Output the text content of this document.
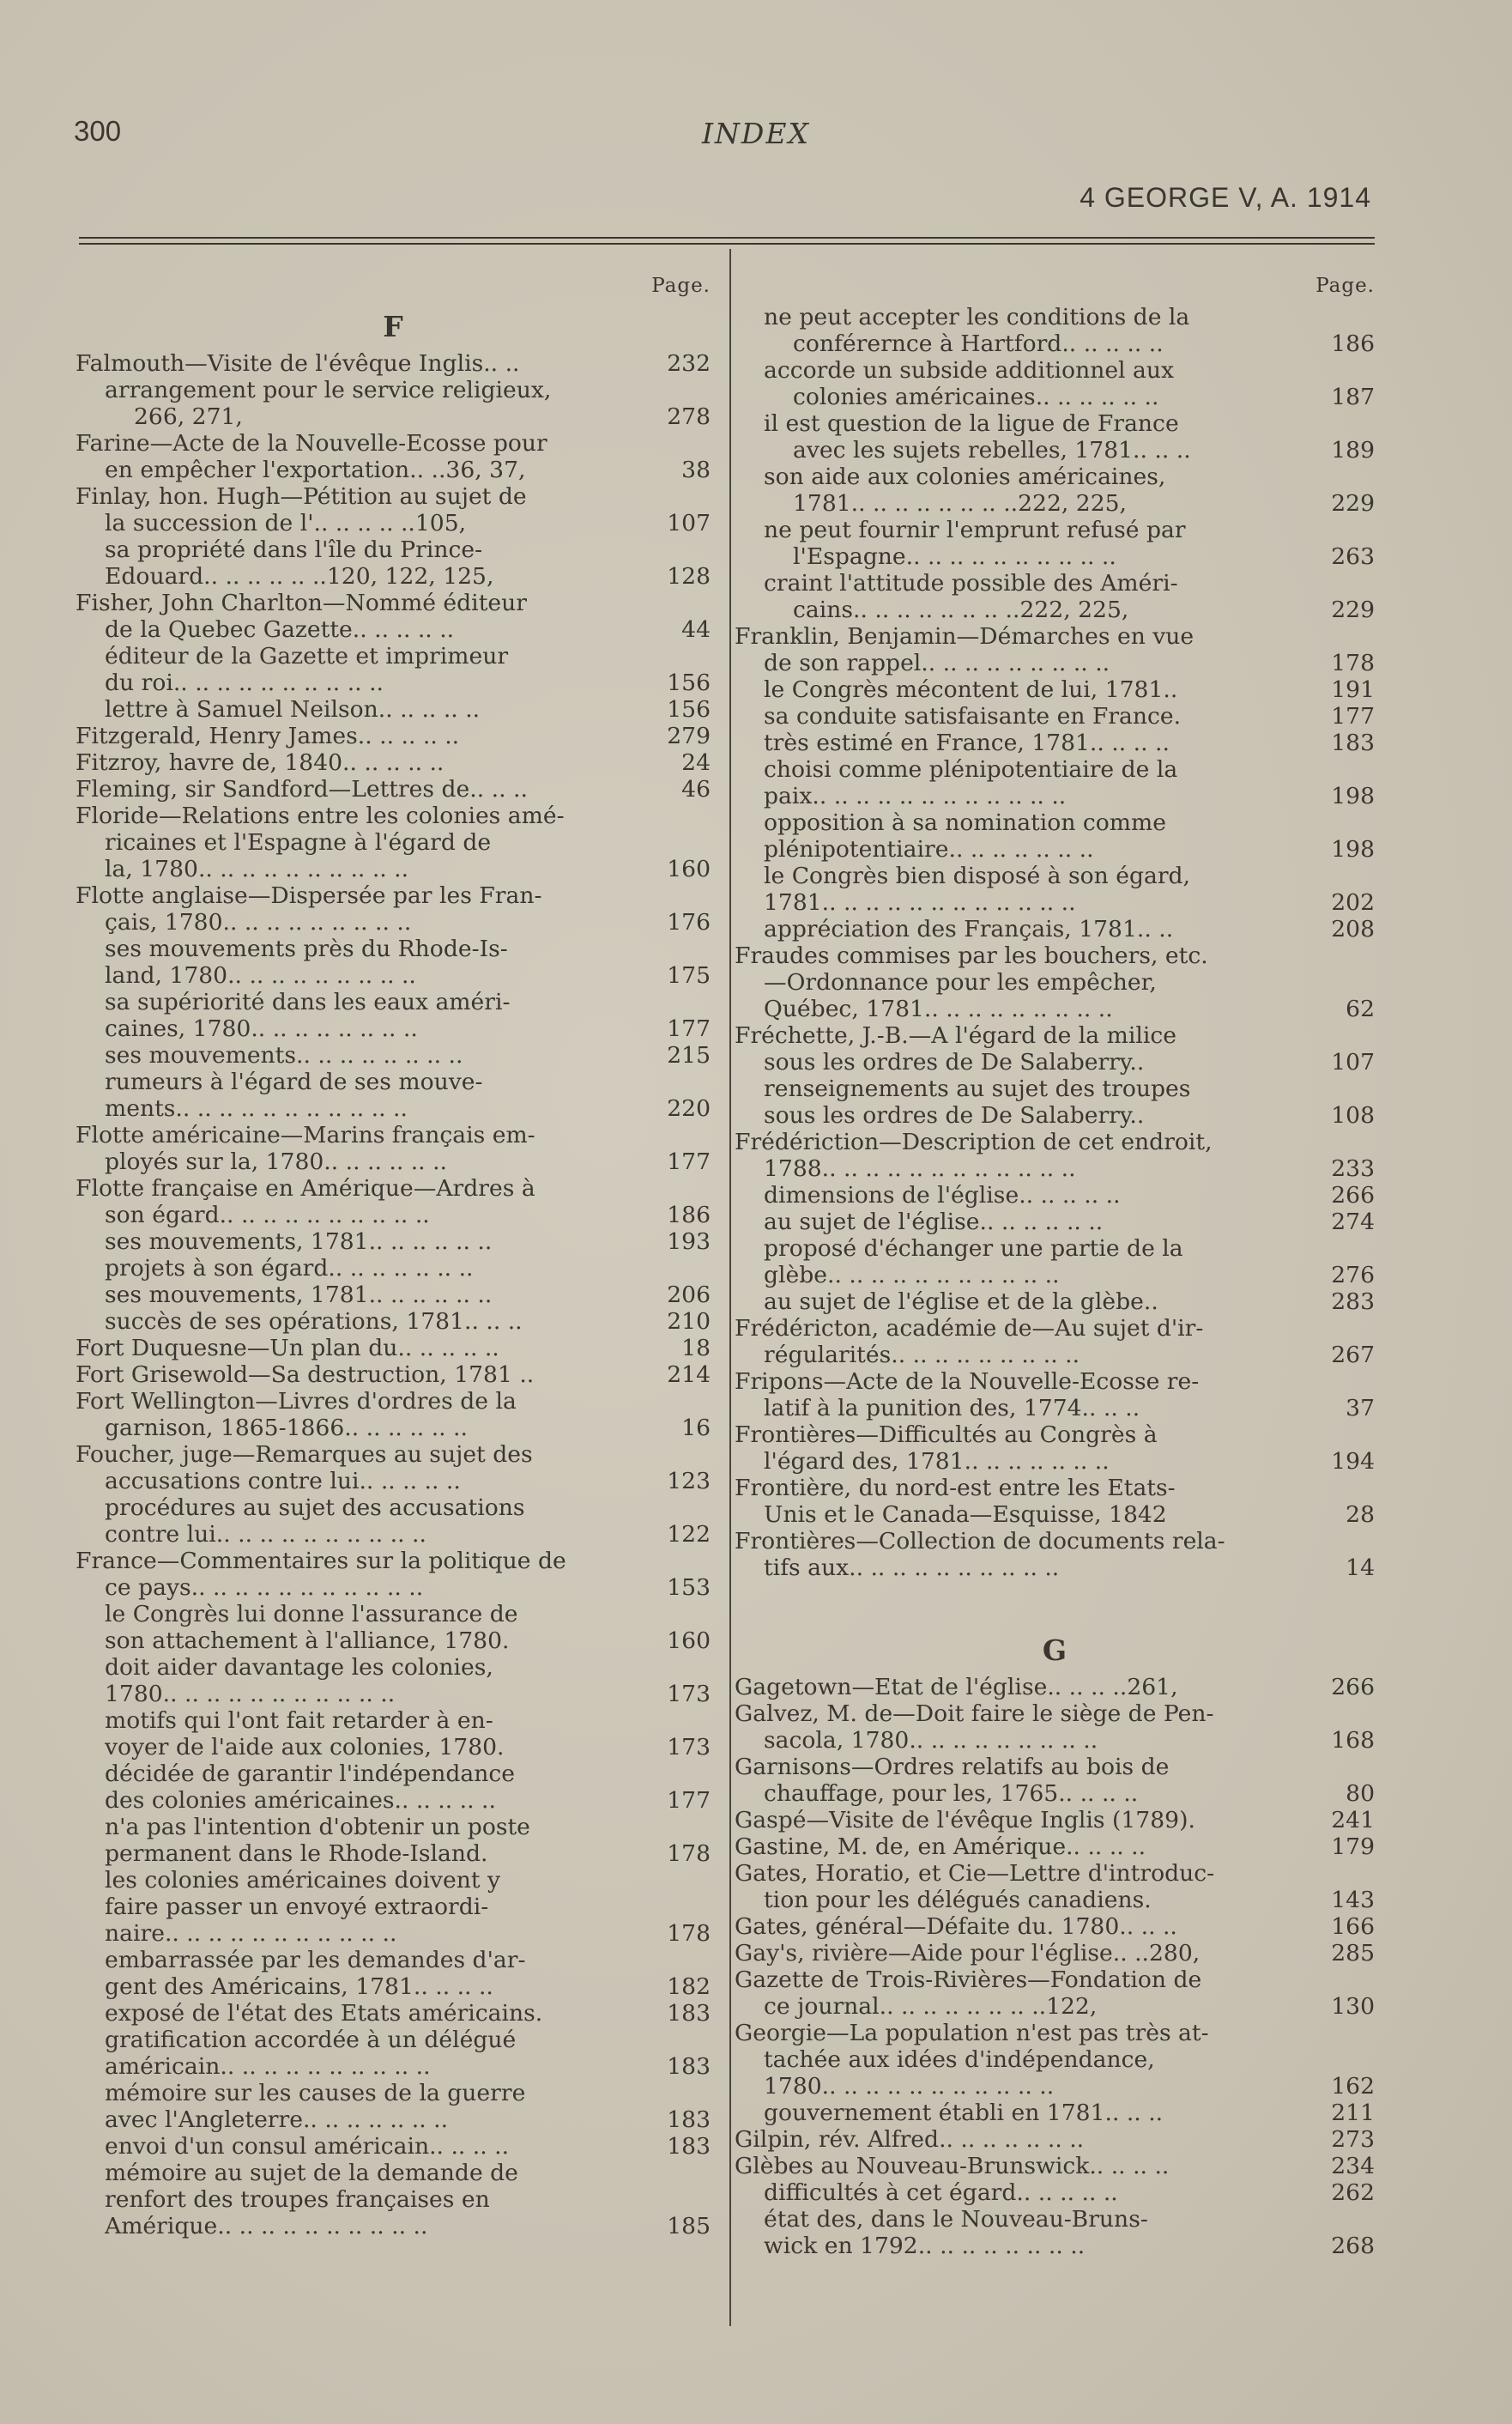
300	INDEX
4 GEORGE V, A. 1914
Page.
F
Falmouth—Visite de l'évêque Inglis.. ..	232
arrangement pour le service religieux,
266, 271,	278
Farine—Acte de la Nouvelle-Ecosse pour
en empêcher l'exportation.. ..36, 37,	38
Finlay, hon. Hugh—Pétition au sujet de
la succession de l'.. .. .. .. ..105,	107
sa propriété dans l'île du Prince-
Edouard.. .. .. .. .. ..120, 122, 125,	128
Fisher, John Charlton—Nommé éditeur
de la Quebec Gazette.. .. .. .. ..	44
éditeur de la Gazette et imprimeur
du roi.. .. .. .. .. .. .. .. .. ..	156
lettre à Samuel Neilson.. .. .. .. ..	156
Fitzgerald, Henry James.. .. .. .. ..	279
Fitzroy, havre de, 1840.. .. .. .. ..	24
Fleming, sir Sandford—Lettres de.. .. ..	46
Floride—Relations entre les colonies amé-
ricaines et l'Espagne à l'égard de
la, 1780.. .. .. .. .. .. .. .. .. ..	160
Flotte anglaise—Dispersée par les Fran-
çais, 1780.. .. .. .. .. .. .. .. ..	176
ses mouvements près du Rhode-Is-
land, 1780.. .. .. .. .. .. .. .. ..	175
sa supériorité dans les eaux améri-
caines, 1780.. .. .. .. .. .. .. ..	177
ses mouvements.. .. .. .. .. .. .. ..	215
rumeurs à l'égard de ses mouve-
ments.. .. .. .. .. .. .. .. .. .. ..	220
Flotte américaine—Marins français em-
ployés sur la, 1780.. .. .. .. .. ..	177
Flotte française en Amérique—Ardres à
son égard.. .. .. .. .. .. .. .. .. ..	186
ses mouvements, 1781.. .. .. .. .. ..	193
projets à son égard.. .. .. .. .. .. ..
ses mouvements, 1781.. .. .. .. .. ..	206
succès de ses opérations, 1781.. .. ..	210
Fort Duquesne—Un plan du.. .. .. .. ..	18
Fort Grisewold—Sa destruction, 1781 ..	214
Fort Wellington—Livres d'ordres de la
garnison, 1865-1866.. .. .. .. .. ..	16
Foucher, juge—Remarques au sujet des
accusations contre lui.. .. .. .. ..	123
procédures au sujet des accusations
contre lui.. .. .. .. .. .. .. .. .. ..	122
France—Commentaires sur la politique de
ce pays.. .. .. .. .. .. .. .. .. .. ..	153
le Congrès lui donne l'assurance de
son attachement à l'alliance, 1780.	160
doit aider davantage les colonies,
1780.. .. .. .. .. .. .. .. .. .. ..	173
motifs qui l'ont fait retarder à en-
voyer de l'aide aux colonies, 1780.	173
décidée de garantir l'indépendance
des colonies américaines.. .. .. .. ..	177
n'a pas l'intention d'obtenir un poste
permanent dans le Rhode-Island.	178
les colonies américaines doivent y
faire passer un envoyé extraordi-
naire.. .. .. .. .. .. .. .. .. .. ..	178
embarrassée par les demandes d'ar-
gent des Américains, 1781.. .. .. ..	182
exposé de l'état des Etats américains.	183
gratification accordée à un délégué
américain.. .. .. .. .. .. .. .. .. ..	183
mémoire sur les causes de la guerre
avec l'Angleterre.. .. .. .. .. .. ..	183
envoi d'un consul américain.. .. .. ..	183
mémoire au sujet de la demande de
renfort des troupes françaises en
Amérique.. .. .. .. .. .. .. .. .. ..	185
Page.
ne peut accepter les conditions de la
conférernce à Hartford.. .. .. .. ..	186
accorde un subside additionnel aux
colonies américaines.. .. .. .. .. ..	187
il est question de la ligue de France
avec les sujets rebelles, 1781.. .. ..	189
son aide aux colonies américaines,
1781.. .. .. .. .. .. .. ..222, 225,	229
ne peut fournir l'emprunt refusé par
l'Espagne.. .. .. .. .. .. .. .. .. ..	263
craint l'attitude possible des Améri-
cains.. .. .. .. .. .. .. ..222, 225,	229
Franklin, Benjamin—Démarches en vue
de son rappel.. .. .. .. .. .. .. .. ..	178
le Congrès mécontent de lui, 1781..	191
sa conduite satisfaisante en France.	177
très estimé en France, 1781.. .. .. ..	183
choisi comme plénipotentiaire de la
paix.. .. .. .. .. .. .. .. .. .. .. ..	198
opposition à sa nomination comme
plénipotentiaire.. .. .. .. .. .. ..	198
le Congrès bien disposé à son égard,
1781.. .. .. .. .. .. .. .. .. .. .. ..	202
appréciation des Français, 1781.. ..	208
Fraudes commises par les bouchers, etc.
—Ordonnance pour les empêcher,
Québec, 1781.. .. .. .. .. .. .. .. ..	62
Fréchette, J.-B.—A l'égard de la milice
sous les ordres de De Salaberry..	107
renseignements au sujet des troupes
sous les ordres de De Salaberry..	108
Frédériction—Description de cet endroit,
1788.. .. .. .. .. .. .. .. .. .. .. ..	233
dimensions de l'église.. .. .. .. ..	266
au sujet de l'église.. .. .. .. .. ..	274
proposé d'échanger une partie de la
glèbe.. .. .. .. .. .. .. .. .. .. ..	276
au sujet de l'église et de la glèbe..	283
Frédéricton, académie de—Au sujet d'ir-
régularités.. .. .. .. .. .. .. .. ..	267
Fripons—Acte de la Nouvelle-Ecosse re-
latif à la punition des, 1774.. .. ..	37
Frontières—Difficultés au Congrès à
l'égard des, 1781.. .. .. .. .. .. ..	194
Frontière, du nord-est entre les Etats-
Unis et le Canada—Esquisse, 1842	28
Frontières—Collection de documents rela-
tifs aux.. .. .. .. .. .. .. .. .. ..	14
G
Gagetown—Etat de l'église.. .. .. ..261,	266
Galvez, M. de—Doit faire le siège de Pen-
sacola, 1780.. .. .. .. .. .. .. .. ..	168
Garnisons—Ordres relatifs au bois de
chauffage, pour les, 1765.. .. .. ..	80
Gaspé—Visite de l'évêque Inglis (1789).	241
Gastine, M. de, en Amérique.. .. .. ..	179
Gates, Horatio, et Cie—Lettre d'introduc-
tion pour les délégués canadiens.	143
Gates, général—Défaite du. 1780.. .. ..	166
Gay's, rivière—Aide pour l'église.. ..280,	285
Gazette de Trois-Rivières—Fondation de
ce journal.. .. .. .. .. .. .. ..122,	130
Georgie—La population n'est pas très at-
tachée aux idées d'indépendance,
1780.. .. .. .. .. .. .. .. .. .. ..	162
gouvernement établi en 1781.. .. ..	211
Gilpin, rév. Alfred.. .. .. .. .. .. ..	273
Glèbes au Nouveau-Brunswick.. .. .. ..	234
difficultés à cet égard.. .. .. .. ..	262
état des, dans le Nouveau-Bruns-
wick en 1792.. .. .. .. .. .. .. ..	268
